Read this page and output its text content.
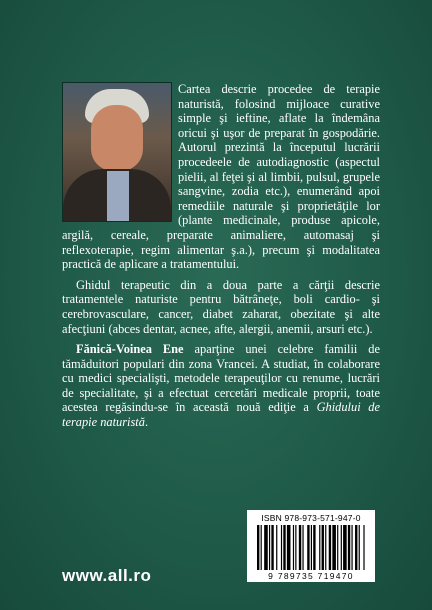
Cartea descrie procedee de terapie naturistă, folosind mijloace curative simple şi ieftine, aflate la îndemâna oricui şi uşor de preparat în gospodărie. Autorul prezintă la începutul lucrării procedeele de autodiagnostic (aspectul pielii, al feţei şi al limbii, pulsul, grupele sangvine, zodia etc.), enumerând apoi remediile naturale şi proprietăţile lor (plante medicinale, produse apicole, argilă, cereale, preparate animaliere, automasaj şi reflexoterapie, regim alimentar ş.a.), precum şi modalitatea practică de aplicare a tratamentului.

Ghidul terapeutic din a doua parte a cărţii descrie tratamentele naturiste pentru bătrâneţe, boli cardio- şi cerebrovasculare, cancer, diabet zaharat, obezitate şi alte afecţiuni (abces dentar, acnee, afte, alergii, anemii, arsuri etc.).

Fănică-Voinea Ene aparţine unei celebre familii de tămăduitori populari din zona Vrancei. A studiat, în colaborare cu medici specialişti, metodele terapeuţilor cu renume, lucrări de specialitate, şi a efectuat cercetări medicale proprii, toate acestea regăsindu-se în această nouă ediţie a Ghidului de terapie naturistă.

www.all.ro
ISBN 978-973-571-947-0
9 789735 719470
